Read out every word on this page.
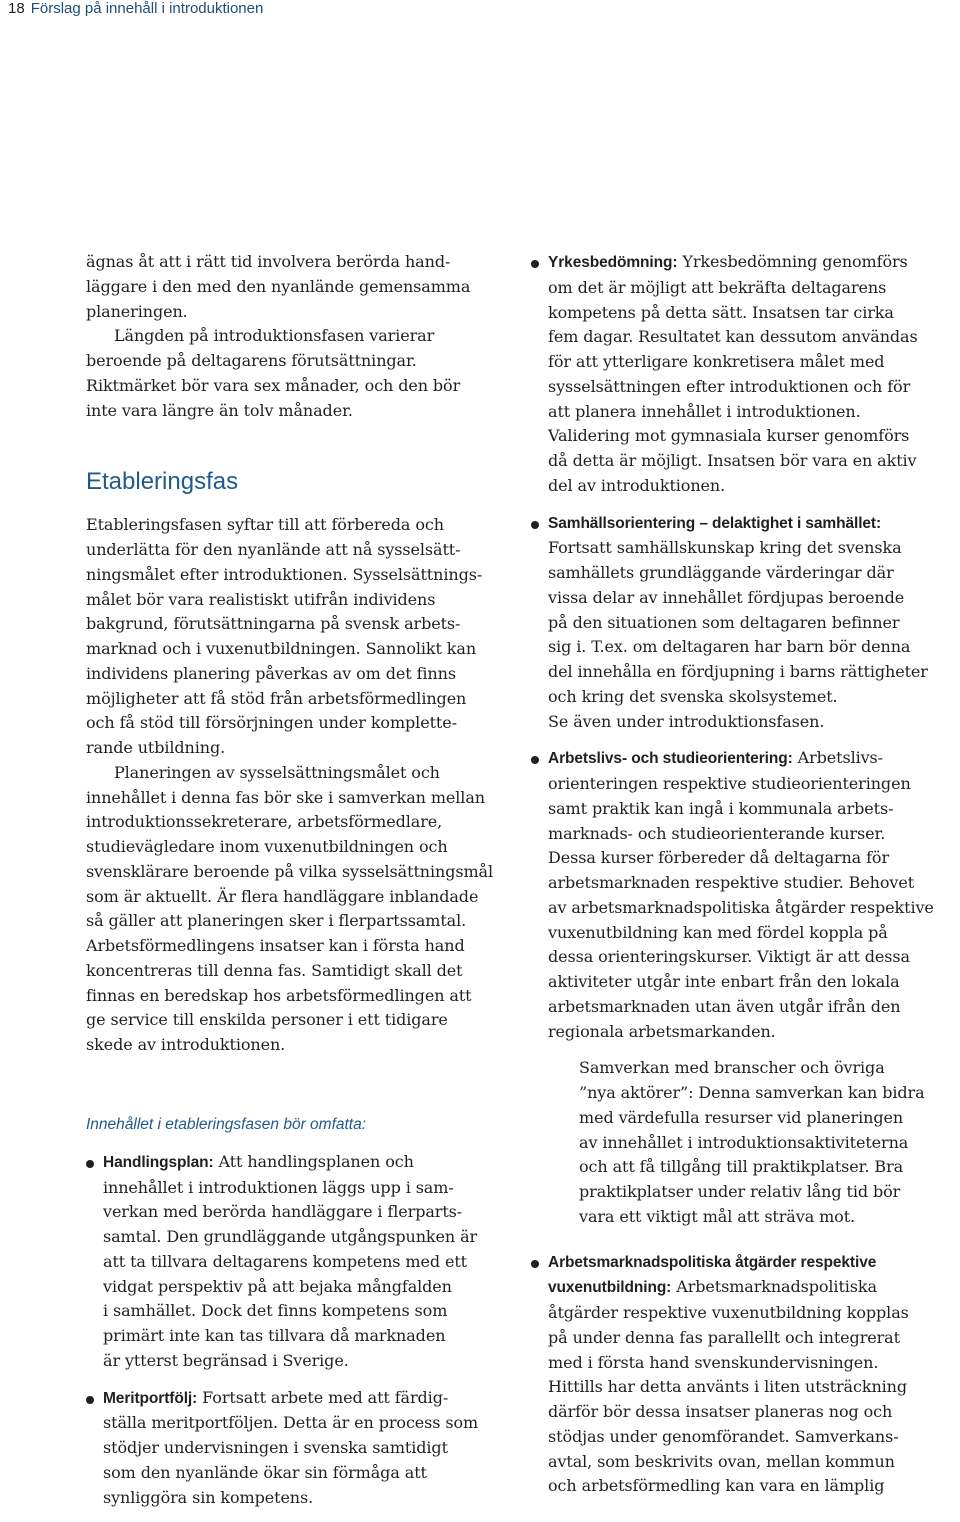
18 Förslag på innehåll i introduktionen

ägnas åt att i rätt tid involvera berörda hand-
läggare i den med den nyanlände gemensamma
planeringen.

Längden på introduktionsfasen varierar
beroende på deltagarens förutsättningar.
Riktmärket bör vara sex månader, och den bör
inte vara längre än tolv månader.

Etableringsfas

Etableringsfasen syftar till att förbereda och
underlätta för den nyanlände att nå sysselsätt-
ningsmålet efter introduktionen. Sysselsättnings-
målet bör vara realistiskt utifrån individens
bakgrund, förutsättningarna på svensk arbets-
marknad och i vuxenutbildningen. Sannolikt kan
individens planering påverkas av om det finns
möjligheter att få stöd från arbetsförmedlingen
och få stöd till försörjningen under komplette-
rande utbildning.

Planeringen av sysselsättningsmålet och
innehållet i denna fas bör ske i samverkan mellan
introduktionssekreterare, arbetsförmedlare,
studievägledare inom vuxenutbildningen och
svensklärare beroende på vilka sysselsättningsmål
som är aktuellt. Är flera handläggare inblandade
så gäller att planeringen sker i flerpartssamtal.
Arbetsförmedlingens insatser kan i första hand
koncentreras till denna fas. Samtidigt skall det
finnas en beredskap hos arbetsförmedlingen att
ge service till enskilda personer i ett tidigare
skede av introduktionen.

Innehållet i etableringsfasen bör omfatta:
Handlingsplan: Att handlingsplanen och
innehållet i introduktionen läggs upp i sam-
verkan med berörda handläggare i flerparts-
samtal. Den grundläggande utgångspunken är
att ta tillvara deltagarens kompetens med ett
vidgat perspektiv på att bejaka mångfalden
i samhället. Dock det finns kompetens som
primärt inte kan tas tillvara då marknaden
är ytterst begränsad i Sverige.
Meritportfölj: Fortsatt arbete med att färdig-
ställa meritportföljen. Detta är en process som
stödjer undervisningen i svenska samtidigt
som den nyanlände ökar sin förmåga att
synliggöra sin kompetens.
Yrkesbedömning: Yrkesbedömning genomförs
om det är möjligt att bekräfta deltagarens
kompetens på detta sätt. Insatsen tar cirka
fem dagar. Resultatet kan dessutom användas
för att ytterligare konkretisera målet med
sysselsättningen efter introduktionen och för
att planera innehållet i introduktionen.
Validering mot gymnasiala kurser genomförs
då detta är möjligt. Insatsen bör vara en aktiv
del av introduktionen.
Samhällsorientering – delaktighet i samhället:
Fortsatt samhällskunskap kring det svenska
samhällets grundläggande värderingar där
vissa delar av innehållet fördjupas beroende
på den situationen som deltagaren befinner
sig i. T.ex. om deltagaren har barn bör denna
del innehålla en fördjupning i barns rättigheter
och kring det svenska skolsystemet.
Se även under introduktionsfasen.
Arbetslivs- och studieorientering: Arbetslivs-
orienteringen respektive studieorienteringen
samt praktik kan ingå i kommunala arbets-
marknads- och studieorienterande kurser.
Dessa kurser förbereder då deltagarna för
arbetsmarknaden respektive studier. Behovet
av arbetsmarknadspolitiska åtgärder respektive
vuxenutbildning kan med fördel koppla på
dessa orienteringskurser. Viktigt är att dessa
aktiviteter utgår inte enbart från den lokala
arbetsmarknaden utan även utgår ifrån den
regionala arbetsmarkanden.

Samverkan med branscher och övriga
”nya aktörer”: Denna samverkan kan bidra
med värdefulla resurser vid planeringen
av innehållet i introduktionsaktiviteterna
och att få tillgång till praktikplatser. Bra
praktikplatser under relativ lång tid bör
vara ett viktigt mål att sträva mot.

Arbetsmarknadspolitiska åtgärder respektive
vuxenutbildning: Arbetsmarknadspolitiska
åtgärder respektive vuxenutbildning kopplas
på under denna fas parallellt och integrerat
med i första hand svenskundervisningen.
Hittills har detta använts i liten utsträckning
därför bör dessa insatser planeras nog och
stödjas under genomförandet. Samverkans-
avtal, som beskrivits ovan, mellan kommun
och arbetsförmedling kan vara en lämplig
